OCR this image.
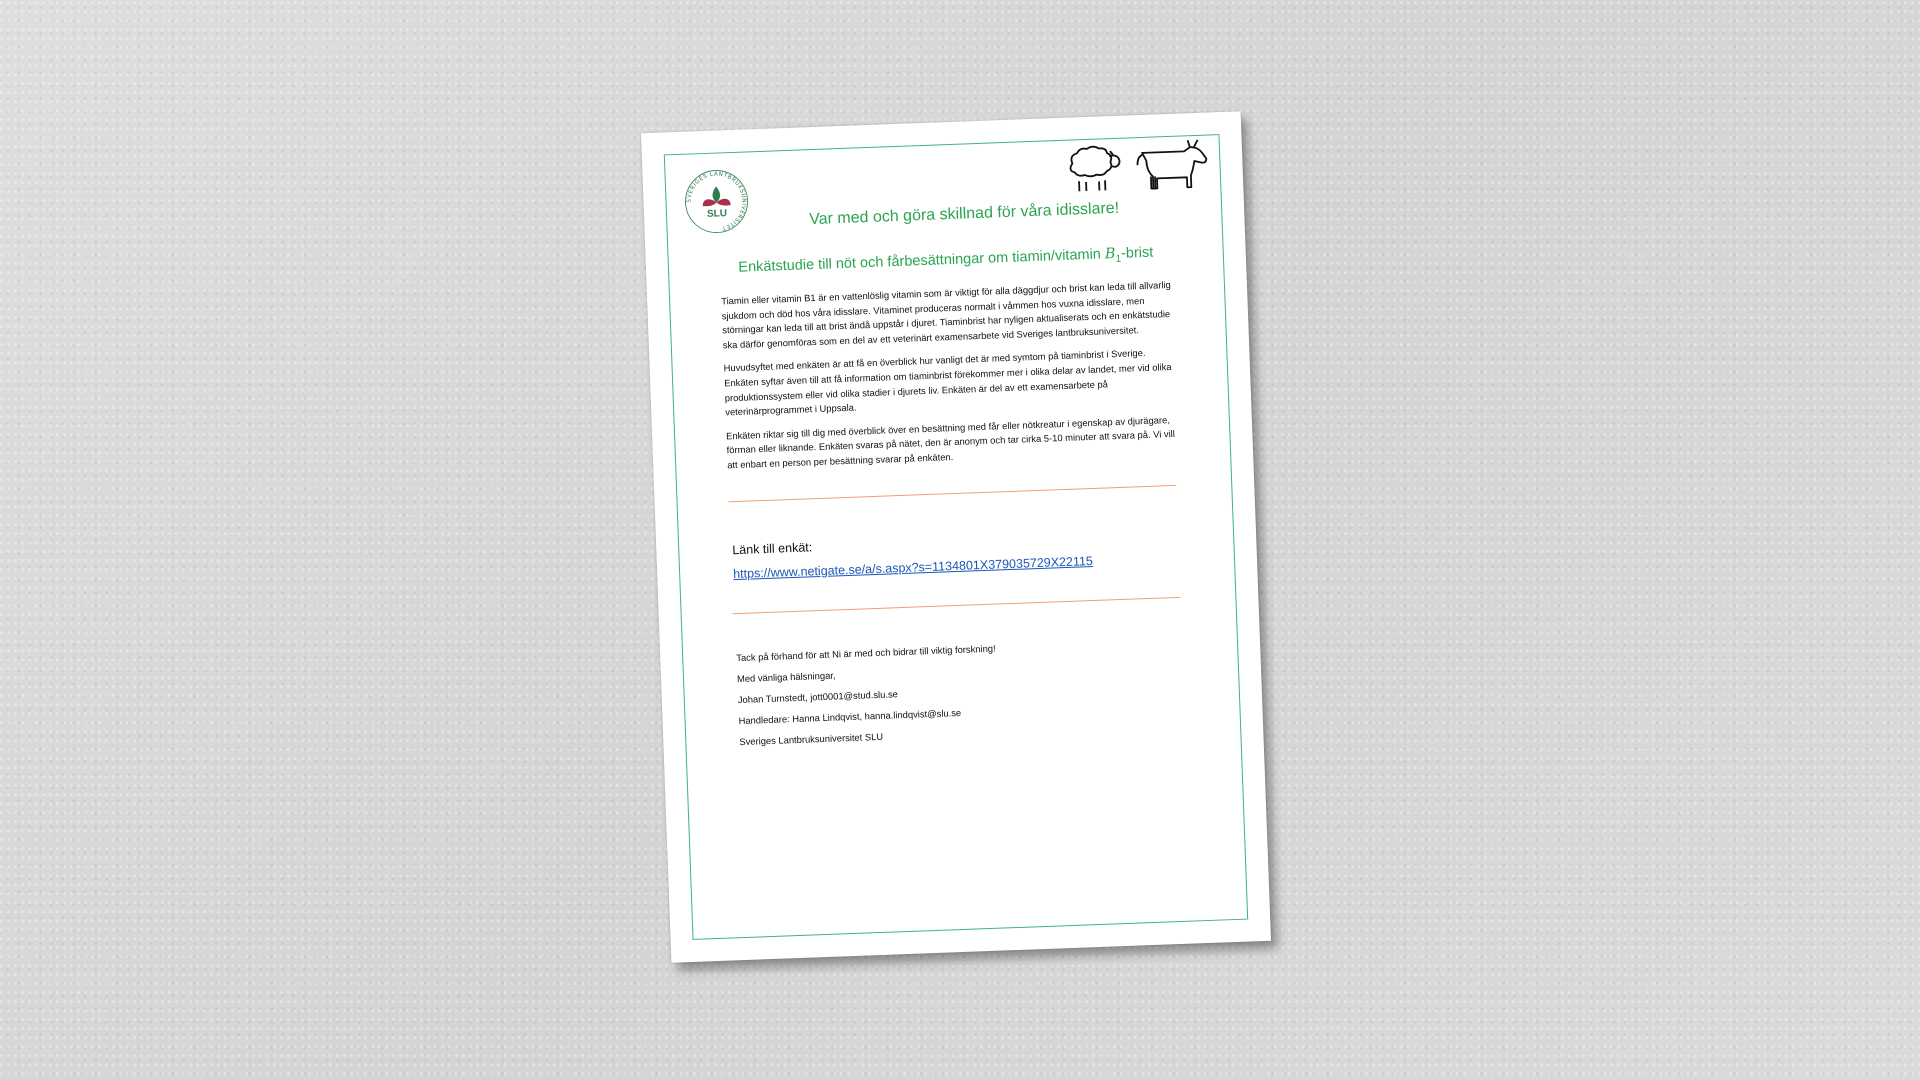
SVERIGES LANTBRUKSUNIVERSITET
SLU	Var med och göra skillnad för våra idisslare!
Enkätstudie till nöt och fårbesättningar om tiamin/vitamin $B_1$-brist

Tiamin eller vitamin B1 är en vattenlöslig vitamin som är viktigt för alla däggdjur och brist kan leda till allvarlig sjukdom och död hos våra idisslare. Vitaminet produceras normalt i våmmen hos vuxna idisslare, men störningar kan leda till att brist ändå uppstår i djuret. Tiaminbrist har nyligen aktualiserats och en enkätstudie ska därför genomföras som en del av ett veterinärt examensarbete vid Sveriges lantbruksuniversitet.

Huvudsyftet med enkäten är att få en överblick hur vanligt det är med symtom på tiaminbrist i Sverige. Enkäten syftar även till att få information om tiaminbrist förekommer mer i olika delar av landet, mer vid olika produktionssystem eller vid olika stadier i djurets liv. Enkäten är del av ett examensarbete på veterinärprogrammet i Uppsala.

Enkäten riktar sig till dig med överblick över en besättning med får eller nötkreatur i egenskap av djurägare, förman eller liknande. Enkäten svaras på nätet, den är anonym och tar cirka 5-10 minuter att svara på. Vi vill att enbart en person per besättning svarar på enkäten.

Länk till enkät:
https://www.netigate.se/a/s.aspx?s=1134801X379035729X22115
Tack på förhand för att Ni är med och bidrar till viktig forskning!
Med vänliga hälsningar,
Johan Turnstedt, jott0001@stud.slu.se
Handledare: Hanna Lindqvist, hanna.lindqvist@slu.se
Sveriges Lantbruksuniversitet SLU
